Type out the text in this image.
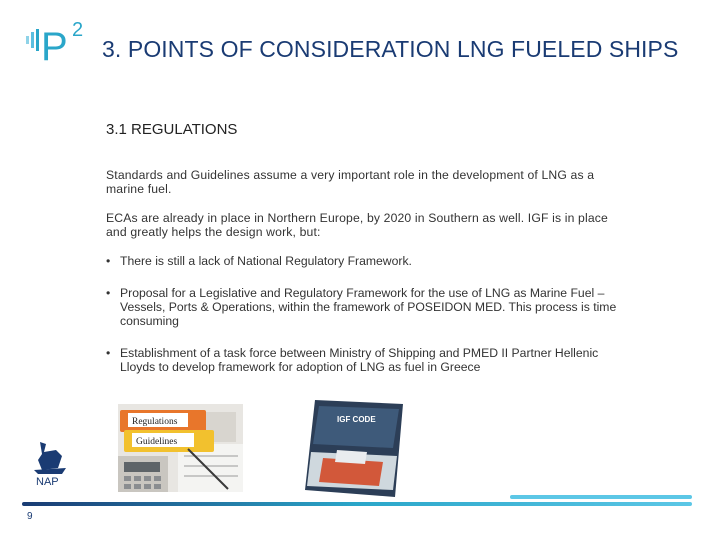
P 2
3. POINTS OF CONSIDERATION LNG FUELED SHIPS
3.1 REGULATIONS
Standards and Guidelines assume a very important role in the development of LNG as a marine fuel.
ECAs are already in place in Northern Europe, by 2020 in Southern as well. IGF is in place and greatly helps the design work, but:
• There is still a lack of National Regulatory Framework.
• Proposal for a Legislative and Regulatory Framework for the use of LNG as Marine Fuel – Vessels, Ports & Operations, within the framework of POSEIDON MED. This process is time consuming
• Establishment of a task force between Ministry of Shipping and PMED II Partner Hellenic Lloyds to develop framework for adoption of LNG as fuel in Greece
Regulations
Guidelines
IGF CODE
NAP
9
